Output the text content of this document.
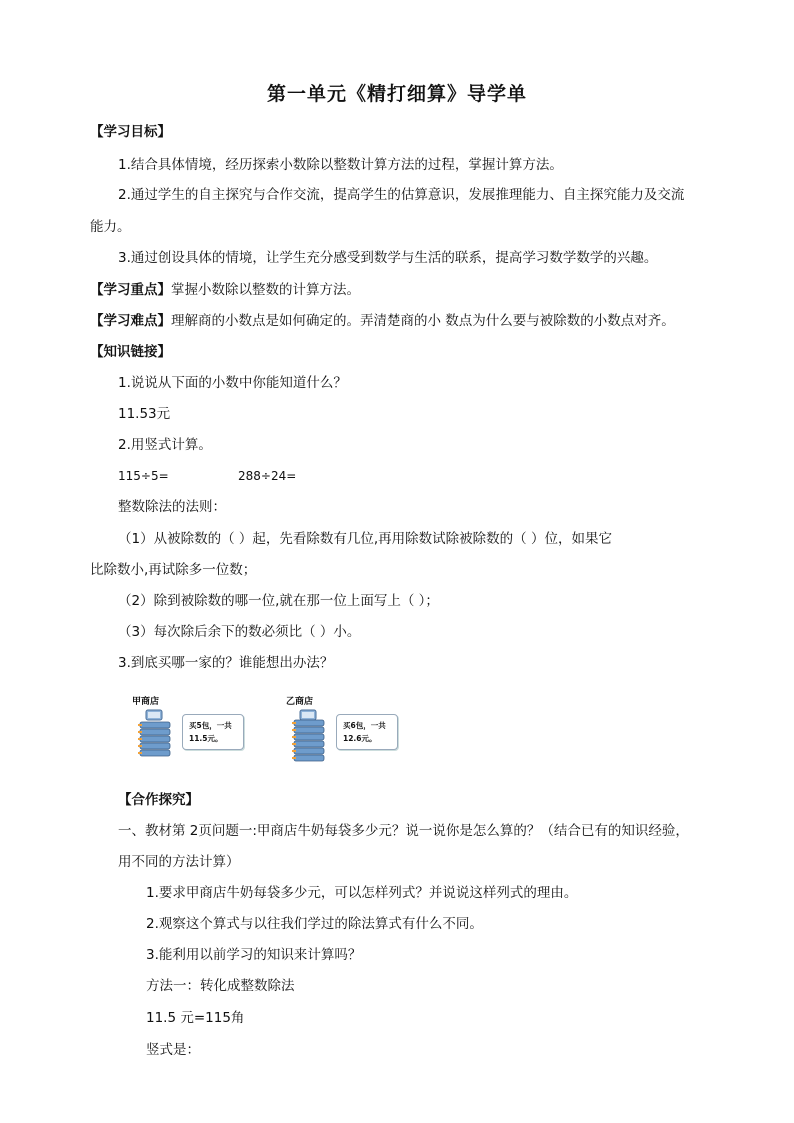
第一单元《精打细算》导学单
【学习目标】
1.结合具体情境，经历探索小数除以整数计算方法的过程，掌握计算方法。
2.通过学生的自主探究与合作交流，提高学生的估算意识，发展推理能力、自主探究能力及交流
能力。
3.通过创设具体的情境，让学生充分感受到数学与生活的联系，提高学习数学数学的兴趣。
【学习重点】掌握小数除以整数的计算方法。
【学习难点】理解商的小数点是如何确定的。弄清楚商的小 数点为什么要与被除数的小数点对齐。
【知识链接】
1.说说从下面的小数中你能知道什么？
11.53元
2.用竖式计算。
115÷5=	288÷24=
整数除法的法则：
（1）从被除数的（ ）起，先看除数有几位,再用除数试除被除数的（ ）位，如果它
比除数小,再试除多一位数；
（2）除到被除数的哪一位,就在那一位上面写上（ ）；
（3）每次除后余下的数必须比（ ）小。
3.到底买哪一家的？谁能想出办法？
甲商店
买5包，一共
11.5元。
乙商店
买6包，一共
12.6元。
【合作探究】
一、教材第 2页问题一:甲商店牛奶每袋多少元？说一说你是怎么算的？（结合已有的知识经验，
用不同的方法计算）
1.要求甲商店牛奶每袋多少元，可以怎样列式？并说说这样列式的理由。
2.观察这个算式与以往我们学过的除法算式有什么不同。
3.能利用以前学习的知识来计算吗？
方法一：转化成整数除法
11.5 元=115角
竖式是：
